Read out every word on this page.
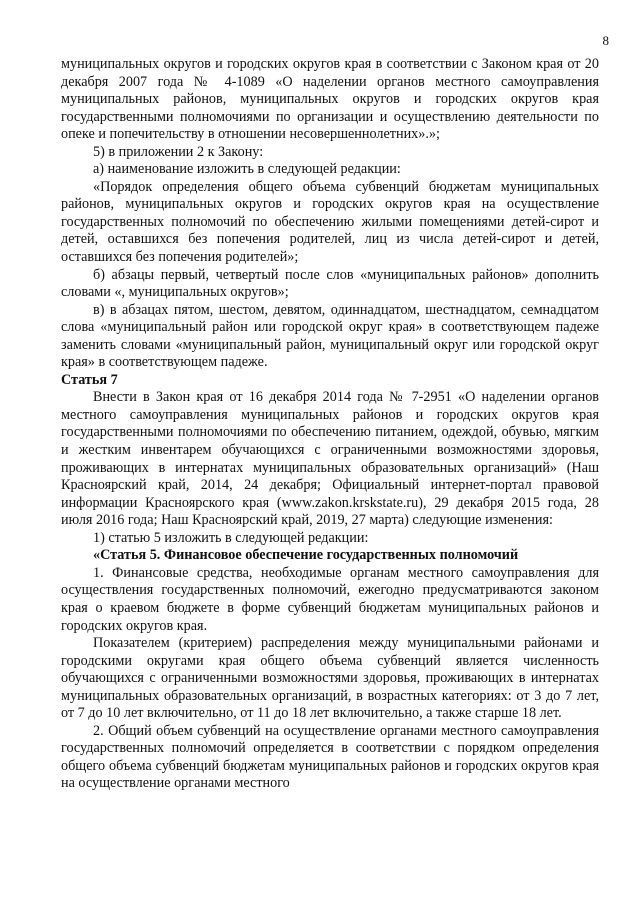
8

муниципальных округов и городских округов края в соответствии с Законом края от 20 декабря 2007 года № 4-1089 «О наделении органов местного самоуправления муниципальных районов, муниципальных округов и городских округов края государственными полномочиями по организации и осуществлению деятельности по опеке и попечительству в отношении несовершеннолетних».»;

5) в приложении 2 к Закону:

а) наименование изложить в следующей редакции:

«Порядок определения общего объема субвенций бюджетам муниципальных районов, муниципальных округов и городских округов края на осуществление государственных полномочий по обеспечению жилыми помещениями детей-сирот и детей, оставшихся без попечения родителей, лиц из числа детей-сирот и детей, оставшихся без попечения родителей»;

б) абзацы первый, четвертый после слов «муниципальных районов» дополнить словами «, муниципальных округов»;

в) в абзацах пятом, шестом, девятом, одиннадцатом, шестнадцатом, семнадцатом слова «муниципальный район или городской округ края» в соответствующем падеже заменить словами «муниципальный район, муниципальный округ или городской округ края» в соответствующем падеже.

Статья 7

Внести в Закон края от 16 декабря 2014 года № 7-2951 «О наделении органов местного самоуправления муниципальных районов и городских округов края государственными полномочиями по обеспечению питанием, одеждой, обувью, мягким и жестким инвентарем обучающихся с ограниченными возможностями здоровья, проживающих в интернатах муниципальных образовательных организаций» (Наш Красноярский край, 2014, 24 декабря; Официальный интернет-портал правовой информации Красноярского края (www.zakon.krskstate.ru), 29 декабря 2015 года, 28 июля 2016 года; Наш Красноярский край, 2019, 27 марта) следующие изменения:

1) статью 5 изложить в следующей редакции:

«Статья 5. Финансовое обеспечение государственных полномочий

1. Финансовые средства, необходимые органам местного самоуправления для осуществления государственных полномочий, ежегодно предусматриваются законом края о краевом бюджете в форме субвенций бюджетам муниципальных районов и городских округов края.

Показателем (критерием) распределения между муниципальными районами и городскими округами края общего объема субвенций является численность обучающихся с ограниченными возможностями здоровья, проживающих в интернатах муниципальных образовательных организаций, в возрастных категориях: от 3 до 7 лет, от 7 до 10 лет включительно, от 11 до 18 лет включительно, а также старше 18 лет.

2. Общий объем субвенций на осуществление органами местного самоуправления государственных полномочий определяется в соответствии с порядком определения общего объема субвенций бюджетам муниципальных районов и городских округов края на осуществление органами местного
